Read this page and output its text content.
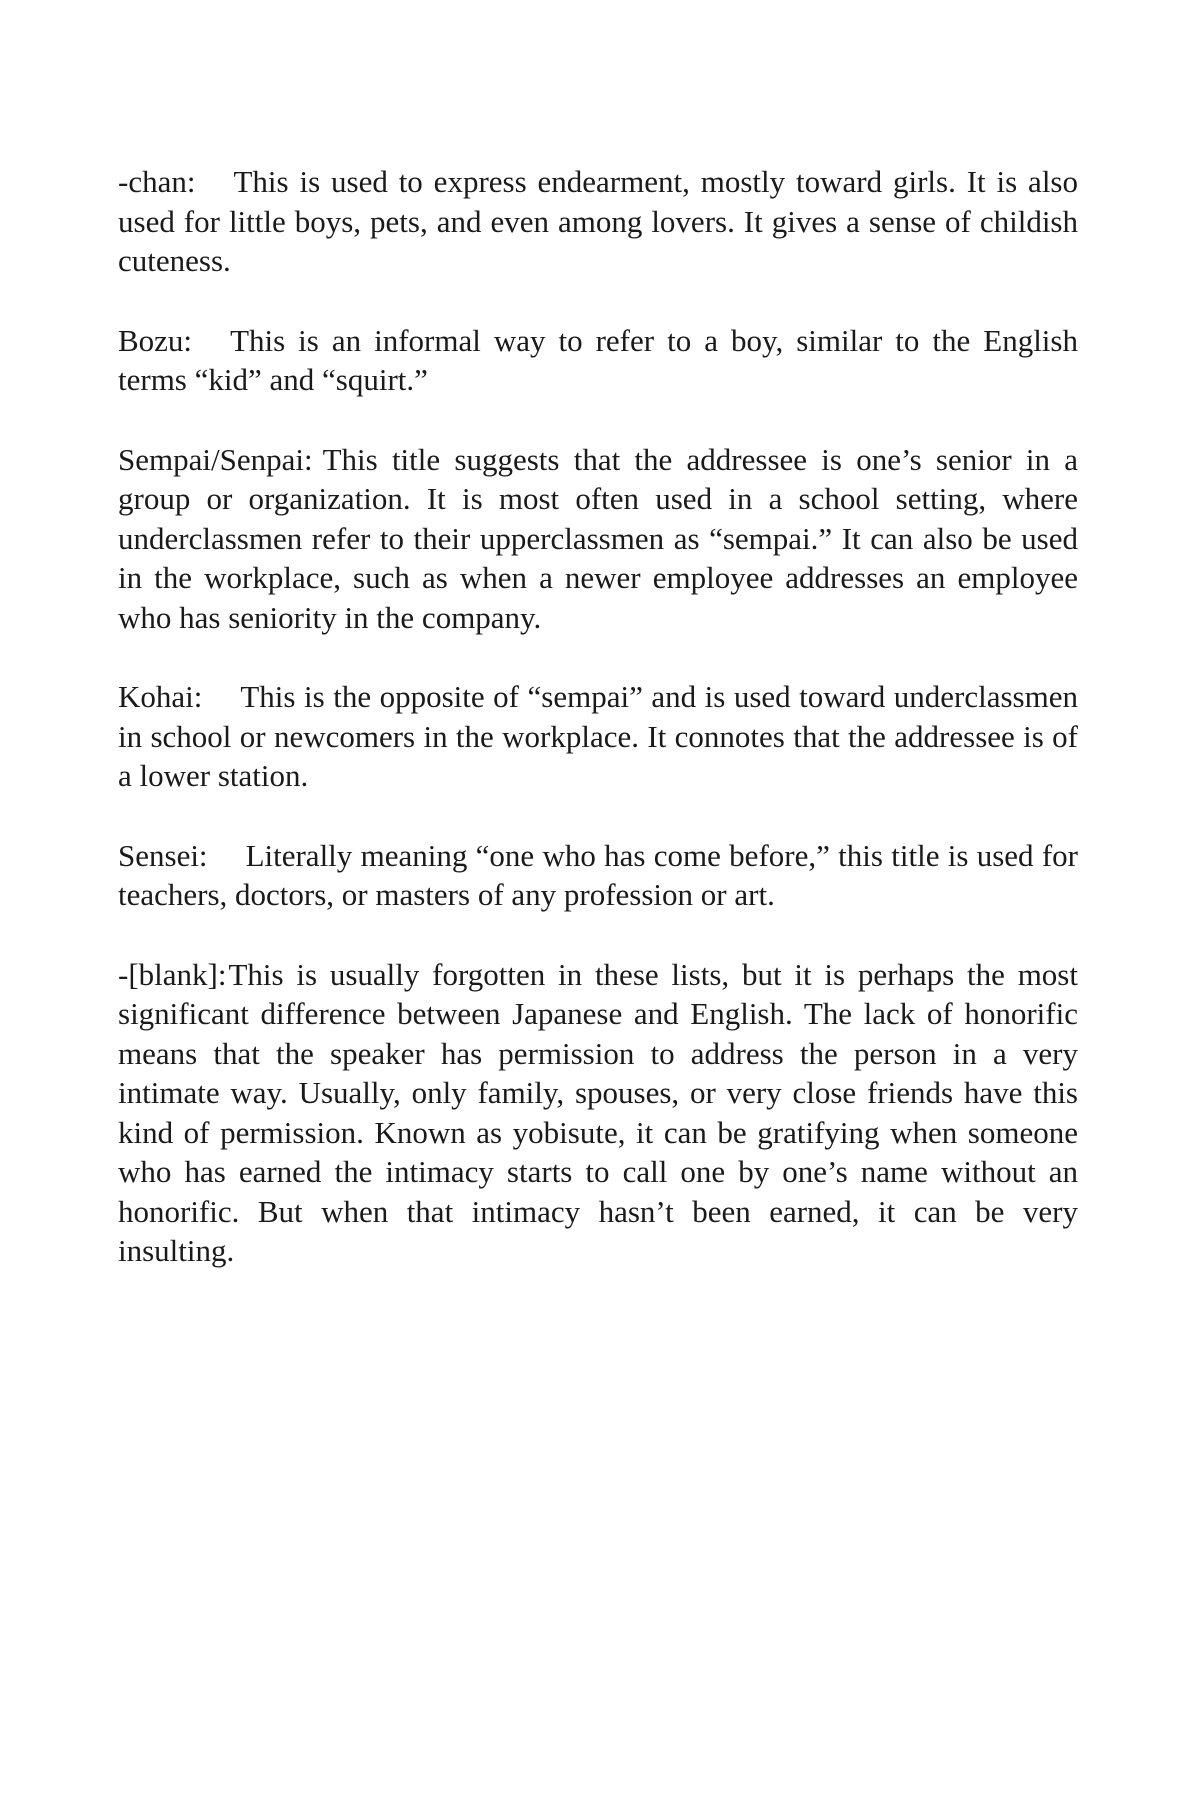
-chan: This is used to express endearment, mostly toward girls. It is also used for little boys, pets, and even among lovers. It gives a sense of childish cuteness.

Bozu: This is an informal way to refer to a boy, similar to the English terms “kid” and “squirt.”

Sempai/Senpai: This title suggests that the addressee is one’s senior in a group or organization. It is most often used in a school setting, where underclassmen refer to their upperclassmen as “sempai.” It can also be used in the workplace, such as when a newer employee addresses an employee who has seniority in the company.

Kohai: This is the opposite of “sempai” and is used toward underclassmen in school or newcomers in the workplace. It connotes that the addressee is of a lower station.

Sensei: Literally meaning “one who has come before,” this title is used for teachers, doctors, or masters of any profession or art.

-[blank]:This is usually forgotten in these lists, but it is perhaps the most significant difference between Japanese and English. The lack of honorific means that the speaker has permission to address the person in a very intimate way. Usually, only family, spouses, or very close friends have this kind of permission. Known as yobisute, it can be gratifying when someone who has earned the intimacy starts to call one by one’s name without an honorific. But when that intimacy hasn’t been earned, it can be very insulting.
